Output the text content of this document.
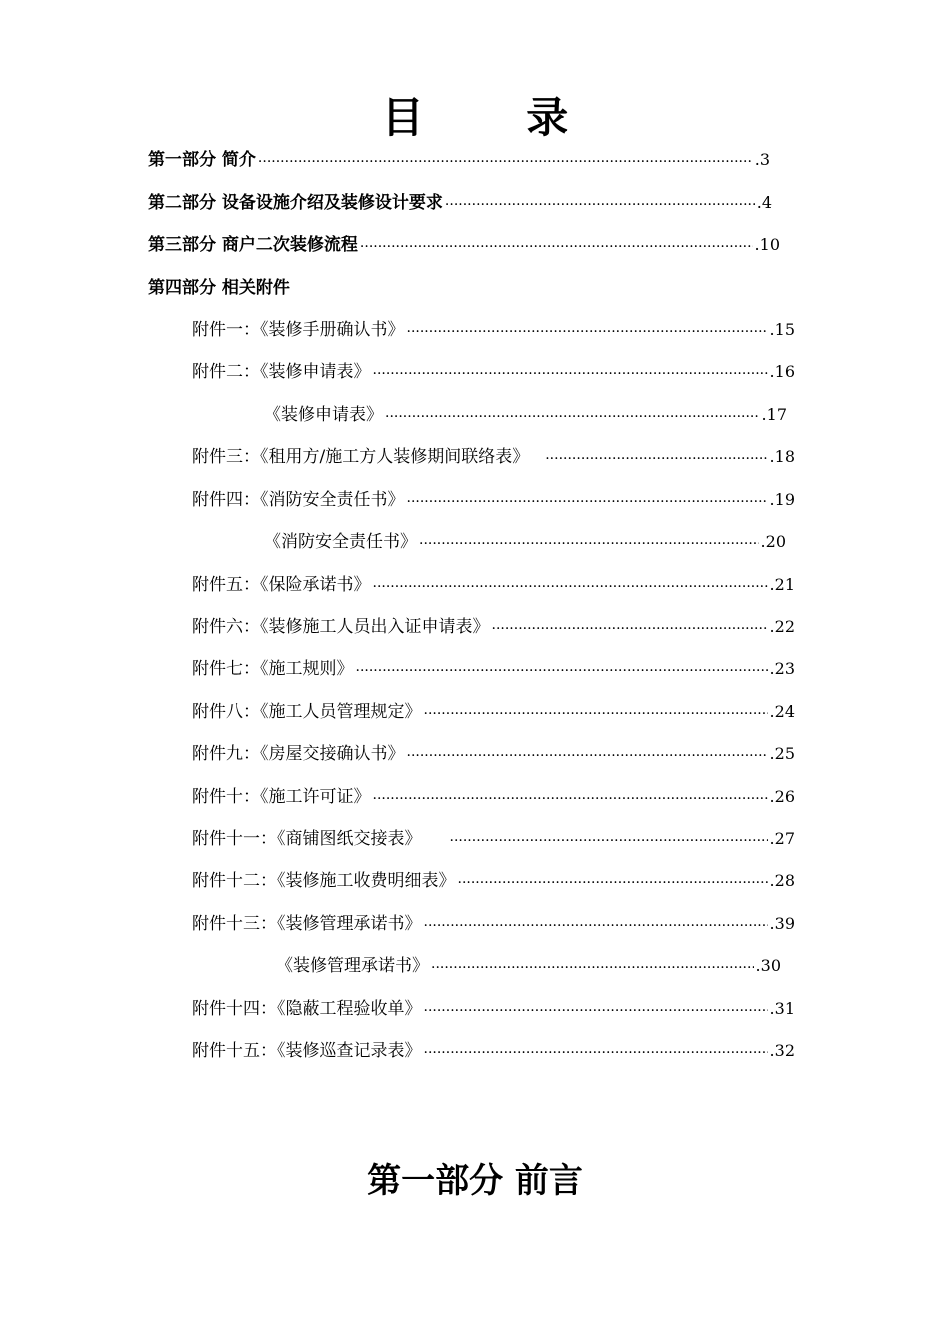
目 录
第一部分 简介 ·····	.3
第二部分 设备设施介绍及装修设计要求 ·····	.4
第三部分 商户二次装修流程 ·····	.10
第四部分 相关附件
附件一：《装修手册确认书》 ·····	.15
附件二：《装修申请表》 ·····	.16
《装修申请表》 ·····	.17
附件三：《租用方/施工方人装修期间联络表》 ·····	.18
附件四：《消防安全责任书》 ·····	.19
《消防安全责任书》 ·····	.20
附件五：《保险承诺书》 ·····	.21
附件六：《装修施工人员出入证申请表》 ·····	.22
附件七：《施工规则》 ·····	.23
附件八：《施工人员管理规定》 ·····	.24
附件九：《房屋交接确认书》 ·····	.25
附件十：《施工许可证》 ·····	.26
附件十一：《商铺图纸交接表》 ·····	.27
附件十二：《装修施工收费明细表》 ·····	.28
附件十三：《装修管理承诺书》 ·····	.39
《装修管理承诺书》 ·····	.30
附件十四：《隐蔽工程验收单》 ·····	.31
附件十五：《装修巡查记录表》 ·····	.32
第一部分 前言
